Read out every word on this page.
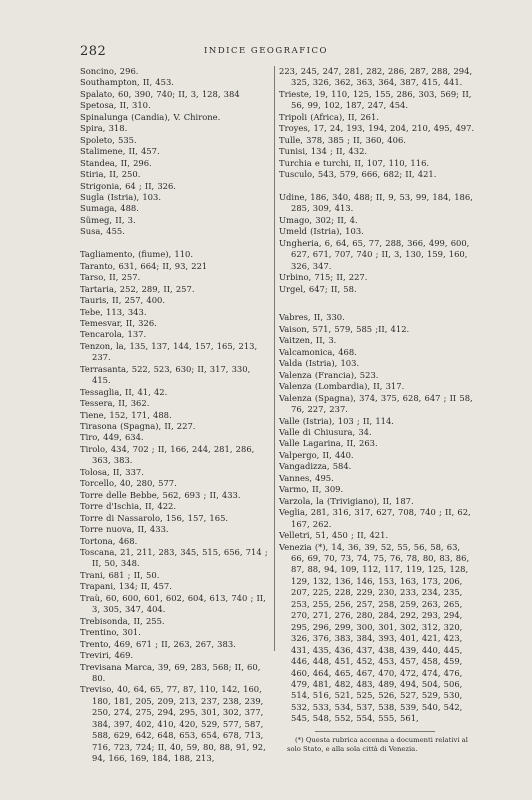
282	INDICE GEOGRAFICO
Soncino, 296.
Southampton, II, 453.
Spalato, 60, 390, 740; II, 3, 128, 384
Spetosa, II, 310.
Spinalunga (Candia), V. Chirone.
Spira, 318.
Spoleto, 535.
Stalimene, II, 457.
Standea, II, 296.
Stiria, II, 250.
Strigonia, 64 ; II, 326.
Sugla (Istria), 103.
Sumaga, 488.
Sümeg, II, 3.
Susa, 455.
Tagliamento, (fiume), 110.
Taranto, 631, 664; II, 93, 221
Tarso, II, 257.
Tartaria, 252, 289, II, 257.
Tauris, II, 257, 400.
Tebe, 113, 343.
Temesvar, II, 326.
Tencarola, 137.
Tenzon, la, 135, 137, 144, 157, 165, 213, 237.
Terrasanta, 522, 523, 630; II, 317, 330, 415.
Tessaglia, II, 41, 42.
Tessera, II, 362.
Tiene, 152, 171, 488.
Tirasona (Spagna), II, 227.
Tiro, 449, 634.
Tirolo, 434, 702 ; II, 166, 244, 281, 286, 363, 383.
Tolosa, II, 337.
Torcello, 40, 280, 577.
Torre delle Bebbe, 562, 693 ; II, 433.
Torre d'Ischia, II, 422.
Torre di Nassarolo, 156, 157, 165.
Torre nuova, II, 433.
Tortona, 468.
Toscana, 21, 211, 283, 345, 515, 656, 714 ; II, 50, 348.
Trani, 681 ; II, 50.
Trapani, 134; II, 457.
Traù, 60, 600, 601, 602, 604, 613, 740 ; II, 3, 305, 347, 404.
Trebisonda, II, 255.
Trentino, 301.
Trento, 469, 671 ; II, 263, 267, 383.
Treviri, 469.
Trevisana Marca, 39, 69, 283, 568; II, 60, 80.
Treviso, 40, 64, 65, 77, 87, 110, 142, 160, 180, 181, 205, 209, 213, 237, 238, 239, 250, 274, 275, 294, 295, 301, 302, 377, 384, 397, 402, 410, 420, 529, 577, 587, 588, 629, 642, 648, 653, 654, 678, 713, 716, 723, 724; II, 40, 59, 80, 88, 91, 92, 94, 166, 169, 184, 188, 213,
223, 245, 247, 281, 282, 286, 287, 288, 294, 325, 326, 362, 363, 364, 387, 415, 441.
Trieste, 19, 110, 125, 155, 286, 303, 569; II, 56, 99, 102, 187, 247, 454.
Tripoli (Africa), II, 261.
Troyes, 17, 24, 193, 194, 204, 210, 495, 497.
Tulle, 378, 385 ; II, 360, 406.
Tunisi, 134 ; II, 432.
Turchia e turchi, II, 107, 110, 116.
Tusculo, 543, 579, 666, 682; II, 421.
Udine, 186, 340, 488; II, 9, 53, 99, 184, 186, 285, 309, 413.
Umago, 302; II, 4.
Umeld (Istria), 103.
Ungheria, 6, 64, 65, 77, 288, 366, 499, 600, 627, 671, 707, 740 ; II, 3, 130, 159, 160, 326, 347.
Urbino, 715; II, 227.
Urgel, 647; II, 58.
Vabres, II, 330.
Vaison, 571, 579, 585 ;II, 412.
Vaitzen, II, 3.
Valcamonica, 468.
Valda (Istria), 103.
Valenza (Francia), 523.
Valenza (Lombardia), II, 317.
Valenza (Spagna), 374, 375, 628, 647 ; II 58, 76, 227, 237.
Valle (Istria), 103 ; II, 114.
Valle di Chiusura, 34.
Valle Lagarina, II, 263.
Valpergo, II, 440.
Vangadizza, 584.
Vannes, 495.
Varmo, II, 309.
Varzola, la (Trivigiano), II, 187.
Veglia, 281, 316, 317, 627, 708, 740 ; II, 62, 167, 262.
Velletri, 51, 450 ; II, 421.
Venezia (*), 14, 36, 39, 52, 55, 56, 58, 63, 66, 69, 70, 73, 74, 75, 76, 78, 80, 83, 86, 87, 88, 94, 109, 112, 117, 119, 125, 128, 129, 132, 136, 146, 153, 163, 173, 206, 207, 225, 228, 229, 230, 233, 234, 235, 253, 255, 256, 257, 258, 259, 263, 265, 270, 271, 276, 280, 284, 292, 293, 294, 295, 296, 299, 300, 301, 302, 312, 320, 326, 376, 383, 384, 393, 401, 421, 423, 431, 435, 436, 437, 438, 439, 440, 445, 446, 448, 451, 452, 453, 457, 458, 459, 460, 464, 465, 467, 470, 472, 474, 476, 479, 481, 482, 483, 489, 494, 504, 506, 514, 516, 521, 525, 526, 527, 529, 530, 532, 533, 534, 537, 538, 539, 540, 542, 545, 548, 552, 554, 555, 561,
(*) Questa rubrica accenna a documenti relativi al solo Stato, e alla sola città di Venezia.
